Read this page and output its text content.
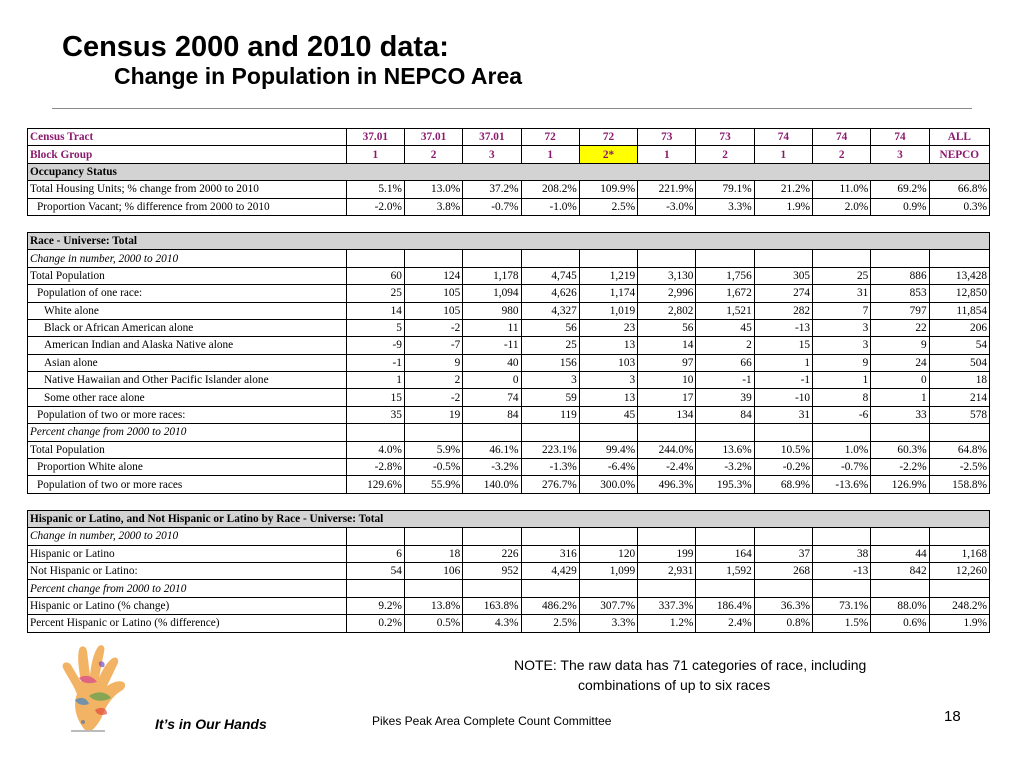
Census 2000 and 2010 data:
Change in Population in NEPCO Area
Census Tract	37.01	37.01	37.01	72	72	73	73	74	74	74	ALL
Block Group	1	2	3	1	2*	1	2	1	2	3	NEPCO
Occupancy Status											
Total Housing Units; % change from 2000 to 2010	5.1%	13.0%	37.2%	208.2%	109.9%	221.9%	79.1%	21.2%	11.0%	69.2%	66.8%
Proportion Vacant; % difference from 2000 to 2010	-2.0%	3.8%	-0.7%	-1.0%	2.5%	-3.0%	3.3%	1.9%	2.0%	0.9%	0.3%

Race - Universe: Total											
Change in number, 2000 to 2010											
Total Population	60	124	1,178	4,745	1,219	3,130	1,756	305	25	886	13,428
Population of one race:	25	105	1,094	4,626	1,174	2,996	1,672	274	31	853	12,850
White alone	14	105	980	4,327	1,019	2,802	1,521	282	7	797	11,854
Black or African American alone	5	-2	11	56	23	56	45	-13	3	22	206
American Indian and Alaska Native alone	-9	-7	-11	25	13	14	2	15	3	9	54
Asian alone	-1	9	40	156	103	97	66	1	9	24	504
Native Hawaiian and Other Pacific Islander alone	1	2	0	3	3	10	-1	-1	1	0	18
Some other race alone	15	-2	74	59	13	17	39	-10	8	1	214
Population of two or more races:	35	19	84	119	45	134	84	31	-6	33	578
Percent change from 2000 to 2010											
Total Population	4.0%	5.9%	46.1%	223.1%	99.4%	244.0%	13.6%	10.5%	1.0%	60.3%	64.8%
Proportion White alone	-2.8%	-0.5%	-3.2%	-1.3%	-6.4%	-2.4%	-3.2%	-0.2%	-0.7%	-2.2%	-2.5%
Population of two or more races	129.6%	55.9%	140.0%	276.7%	300.0%	496.3%	195.3%	68.9%	-13.6%	126.9%	158.8%

Hispanic or Latino, and Not Hispanic or Latino by Race - Universe: Total											
Change in number, 2000 to 2010											
Hispanic or Latino	6	18	226	316	120	199	164	37	38	44	1,168
Not Hispanic or Latino:	54	106	952	4,429	1,099	2,931	1,592	268	-13	842	12,260
Percent change from 2000 to 2010											
Hispanic or Latino (% change)	9.2%	13.8%	163.8%	486.2%	307.7%	337.3%	186.4%	36.3%	73.1%	88.0%	248.2%
Percent Hispanic or Latino (% difference)	0.2%	0.5%	4.3%	2.5%	3.3%	1.2%	2.4%	0.8%	1.5%	0.6%	1.9%
NOTE: The raw data has 71 categories of race, including
combinations of up to six races
18
It’s in Our Hands	Pikes Peak Area Complete Count Committee
